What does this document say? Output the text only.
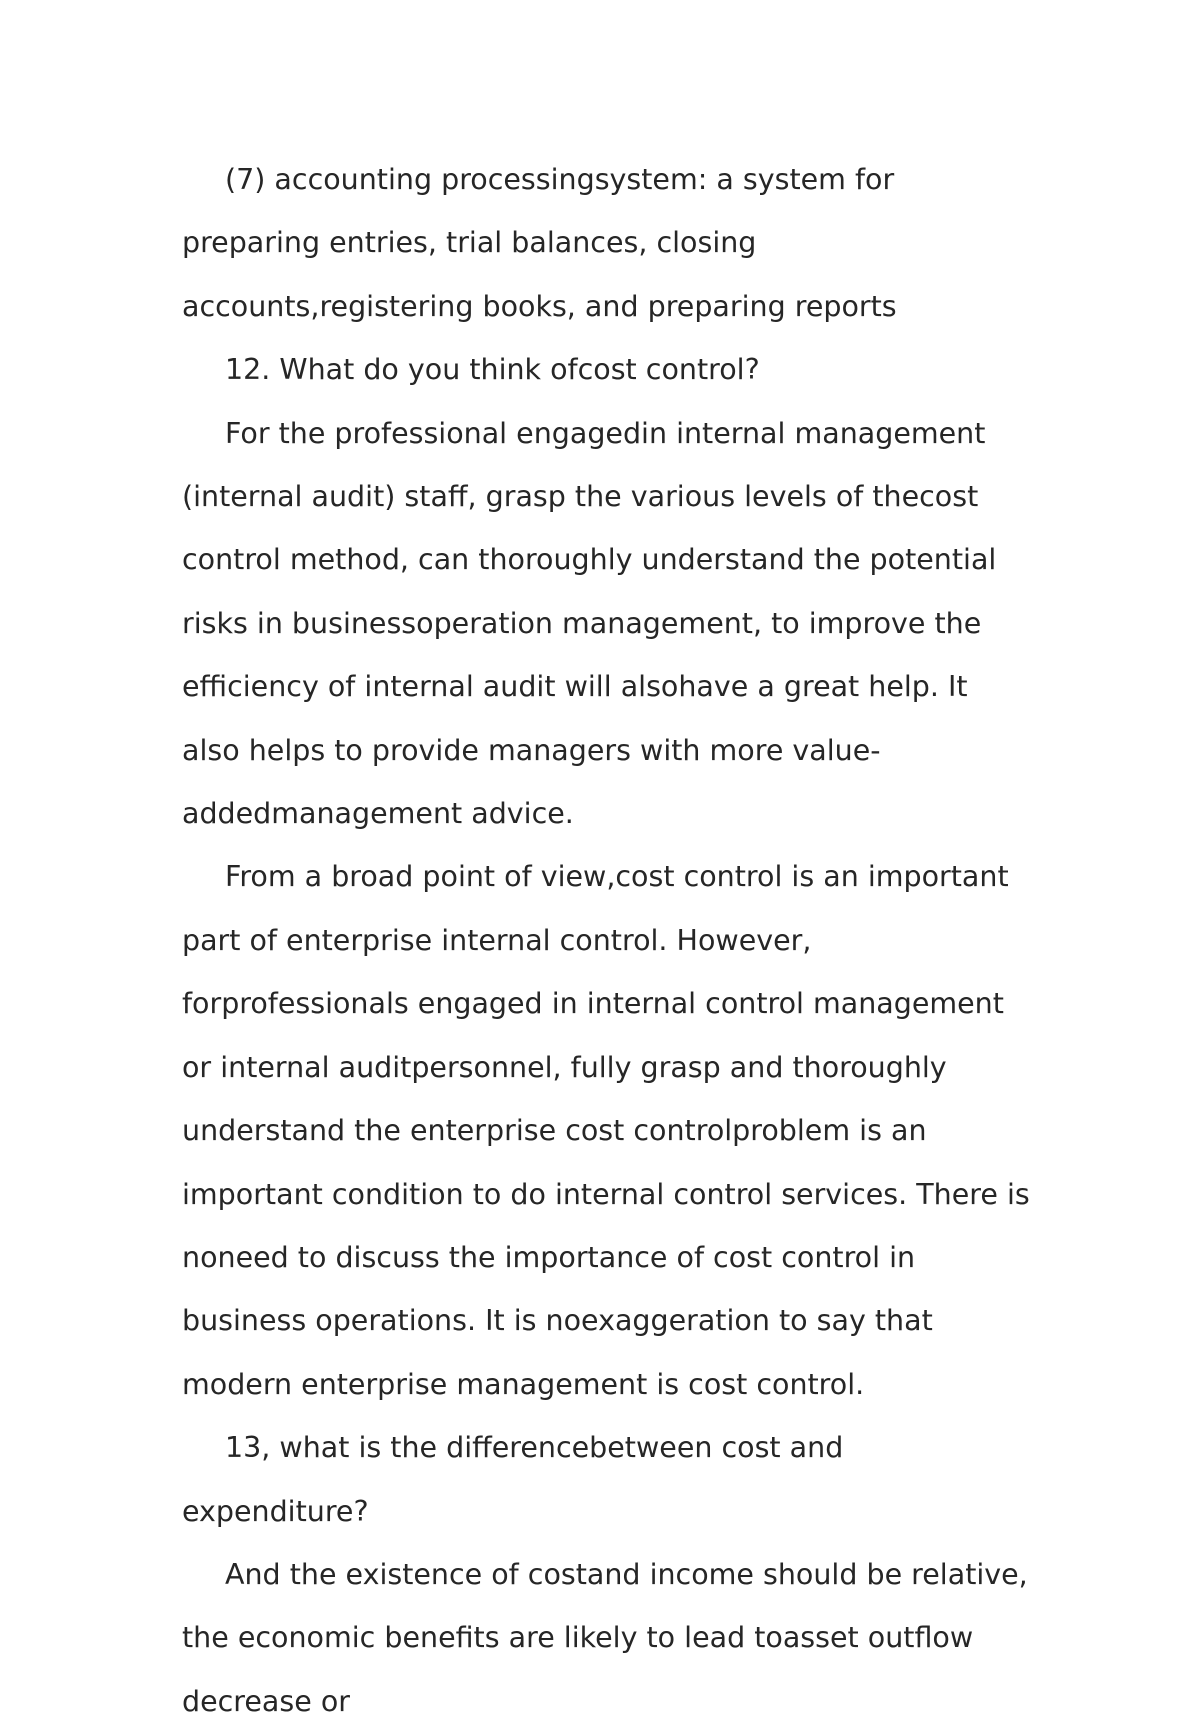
(7) accounting processingsystem: a system for preparing entries, trial balances, closing accounts,registering books, and preparing reports

12. What do you think ofcost control?

For the professional engagedin internal management (internal audit) staff, grasp the various levels of thecost control method, can thoroughly understand the potential risks in businessoperation management, to improve the efficiency of internal audit will alsohave a great help. It also helps to provide managers with more value-addedmanagement advice.

From a broad point of view,cost control is an important part of enterprise internal control. However, forprofessionals engaged in internal control management or internal auditpersonnel, fully grasp and thoroughly understand the enterprise cost controlproblem is an important condition to do internal control services. There is noneed to discuss the importance of cost control in business operations. It is noexaggeration to say that modern enterprise management is cost control.

13, what is the differencebetween cost and expenditure?

And the existence of costand income should be relative, the economic benefits are likely to lead toasset outflow decrease or
